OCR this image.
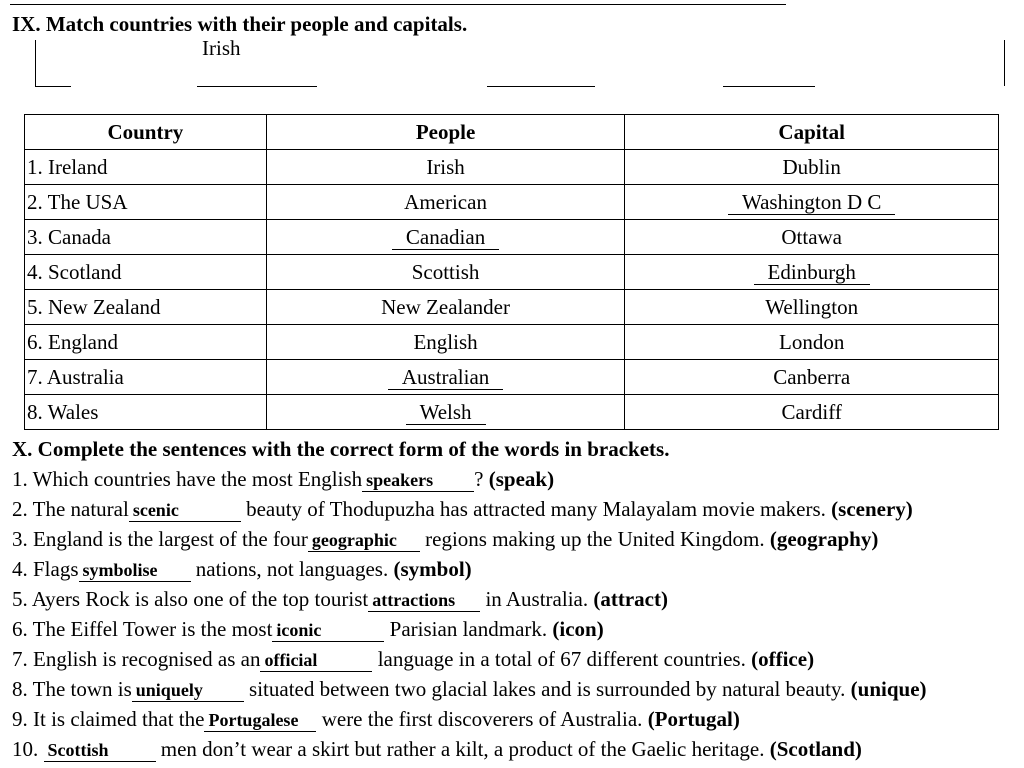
IX. Match countries with their people and capitals.
Irish
Country	People	Capital
1. Ireland	Irish	Dublin
2. The USA	American	Washington D C
3. Canada	Canadian	Ottawa
4. Scotland	Scottish	Edinburgh
5. New Zealand	New Zealander	Wellington
6. England	English	London
7. Australia	Australian	Canberra
8. Wales	Welsh	Cardiff
X. Complete the sentences with the correct form of the words in brackets.
1. Which countries have the most English speakers ? (speak)
2. The natural scenic	beauty of Thodupuzha has attracted many Malayalam movie makers. (scenery)
3. England is the largest of the four geographic regions making up the United Kingdom. (geography)
4. Flags symbolise nations, not languages. (symbol)
5. Ayers Rock is also one of the top tourist attractions in Australia. (attract)
6. The Eiffel Tower is the most iconic	Parisian landmark. (icon)
7. English is recognised as an official	language in a total of 67 different countries. (office)
8. The town is uniquely situated between two glacial lakes and is surrounded by natural beauty. (unique)
9. It is claimed that the Portugalese were the first discoverers of Australia. (Portugal)
10. Scottish men don’t wear a skirt but rather a kilt, a product of the Gaelic heritage. (Scotland)
